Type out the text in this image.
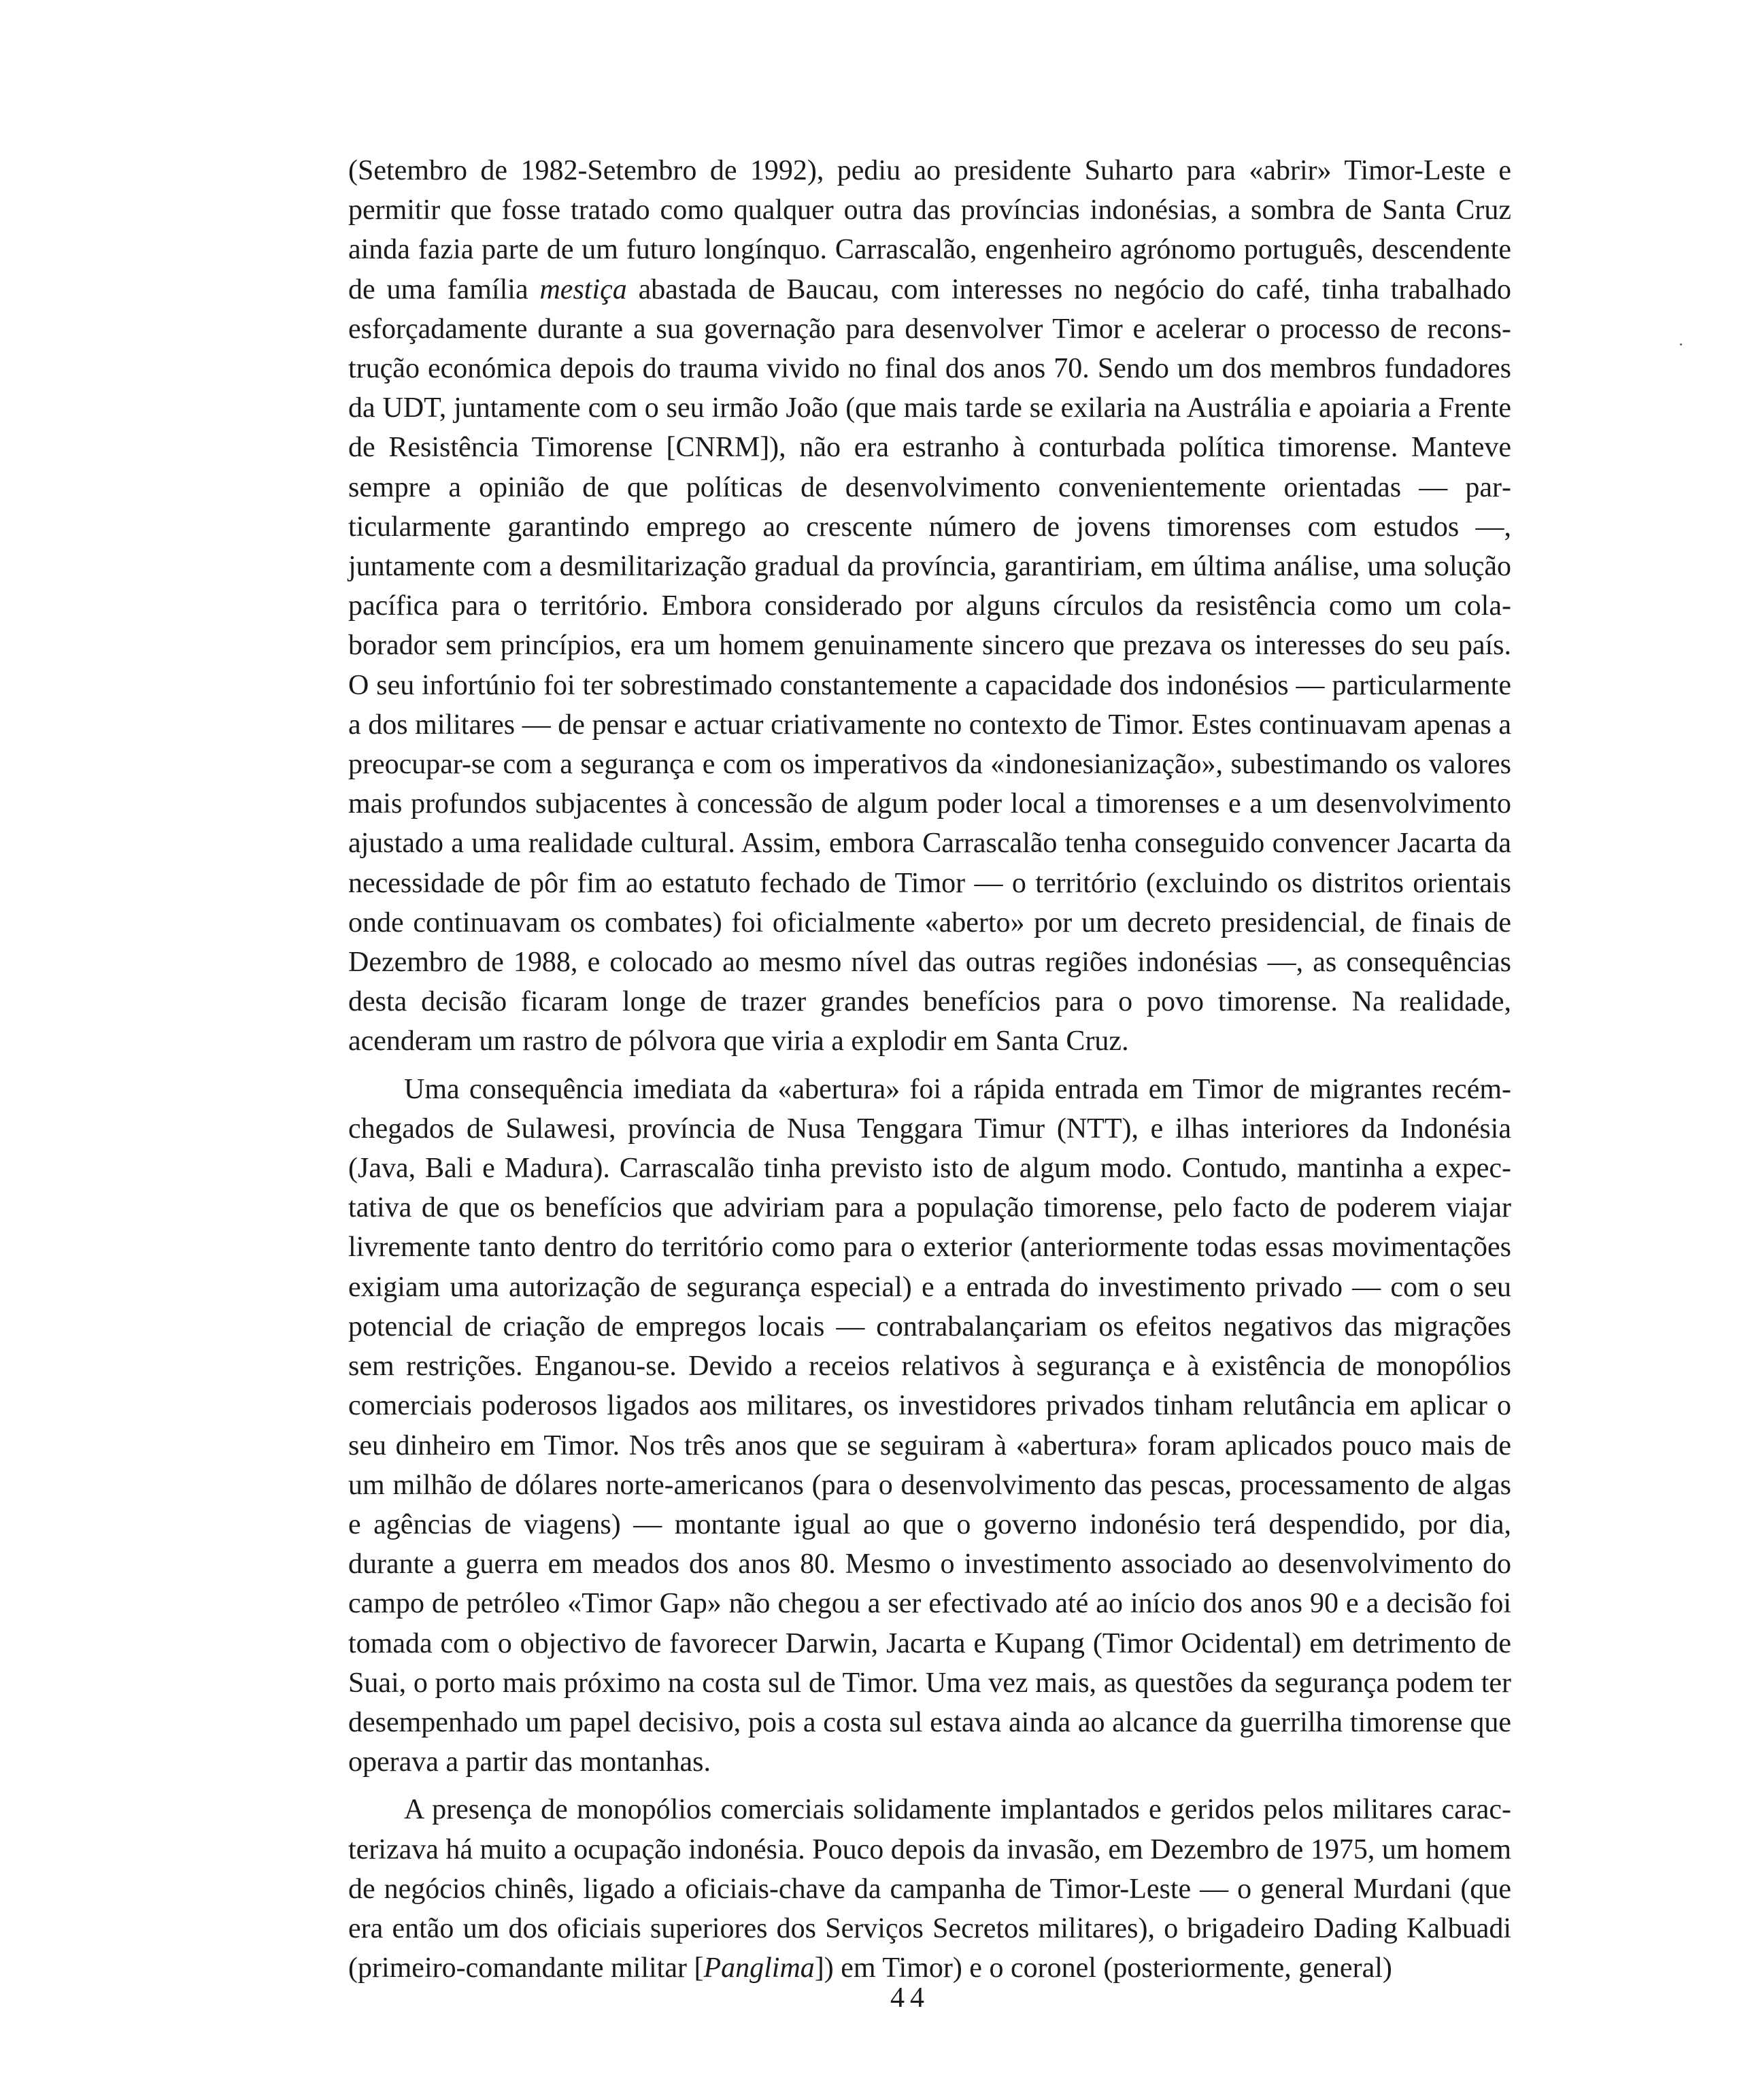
(Setembro de 1982-Setembro de 1992), pediu ao presidente Suharto para «abrir» Timor-Leste e permitir que fosse tratado como qualquer outra das províncias indonésias, a sombra de Santa Cruz ainda fazia parte de um futuro longínquo. Carrascalão, engenheiro agrónomo português, descendente de uma família mestiça abastada de Baucau, com interesses no negócio do café, tinha trabalhado esforçadamente durante a sua governação para desenvolver Timor e acelerar o processo de reconstrução económica depois do trauma vivido no final dos anos 70. Sendo um dos membros fundadores da UDT, juntamente com o seu irmão João (que mais tarde se exilaria na Austrália e apoiaria a Frente de Resistência Timorense [CNRM]), não era estranho à conturbada política timorense. Manteve sempre a opinião de que políticas de desenvolvimento convenientemente orientadas — particularmente garantindo emprego ao crescente número de jovens timorenses com estudos —, juntamente com a desmilitarização gradual da província, garantiriam, em última análise, uma solução pacífica para o território. Embora considerado por alguns círculos da resistência como um colaborador sem princípios, era um homem genuinamente sincero que prezava os interesses do seu país. O seu infortúnio foi ter sobrestimado constantemente a capacidade dos indonésios — particularmente a dos militares — de pensar e actuar criativamente no contexto de Timor. Estes continuavam apenas a preocupar-se com a segurança e com os imperativos da «indonesianização», subestimando os valores mais profundos subjacentes à concessão de algum poder local a timorenses e a um desenvolvimento ajustado a uma realidade cultural. Assim, embora Carrascalão tenha conseguido convencer Jacarta da necessidade de pôr fim ao estatuto fechado de Timor — o território (excluindo os distritos orientais onde continuavam os combates) foi oficialmente «aberto» por um decreto presidencial, de finais de Dezembro de 1988, e colocado ao mesmo nível das outras regiões indonésias —, as consequências desta decisão ficaram longe de trazer grandes benefícios para o povo timorense. Na realidade, acenderam um rastro de pólvora que viria a explodir em Santa Cruz.

Uma consequência imediata da «abertura» foi a rápida entrada em Timor de migrantes recém-chegados de Sulawesi, província de Nusa Tenggara Timur (NTT), e ilhas interiores da Indonésia (Java, Bali e Madura). Carrascalão tinha previsto isto de algum modo. Contudo, mantinha a expectativa de que os benefícios que adviriam para a população timorense, pelo facto de poderem viajar livremente tanto dentro do território como para o exterior (anteriormente todas essas movimentações exigiam uma autorização de segurança especial) e a entrada do investimento privado — com o seu potencial de criação de empregos locais — contrabalançariam os efeitos negativos das migrações sem restrições. Enganou-se. Devido a receios relativos à segurança e à existência de monopólios comerciais poderosos ligados aos militares, os investidores privados tinham relutância em aplicar o seu dinheiro em Timor. Nos três anos que se seguiram à «abertura» foram aplicados pouco mais de um milhão de dólares norte-americanos (para o desenvolvimento das pescas, processamento de algas e agências de viagens) — montante igual ao que o governo indonésio terá despendido, por dia, durante a guerra em meados dos anos 80. Mesmo o investimento associado ao desenvolvimento do campo de petróleo «Timor Gap» não chegou a ser efectivado até ao início dos anos 90 e a decisão foi tomada com o objectivo de favorecer Darwin, Jacarta e Kupang (Timor Ocidental) em detrimento de Suai, o porto mais próximo na costa sul de Timor. Uma vez mais, as questões da segurança podem ter desempenhado um papel decisivo, pois a costa sul estava ainda ao alcance da guerrilha timorense que operava a partir das montanhas.

A presença de monopólios comerciais solidamente implantados e geridos pelos militares caracterizava há muito a ocupação indonésia. Pouco depois da invasão, em Dezembro de 1975, um homem de negócios chinês, ligado a oficiais-chave da campanha de Timor-Leste — o general Murdani (que era então um dos oficiais superiores dos Serviços Secretos militares), o brigadeiro Dading Kalbuadi (primeiro-comandante militar [Panglima]) em Timor) e o coronel (posteriormente, general)

44
